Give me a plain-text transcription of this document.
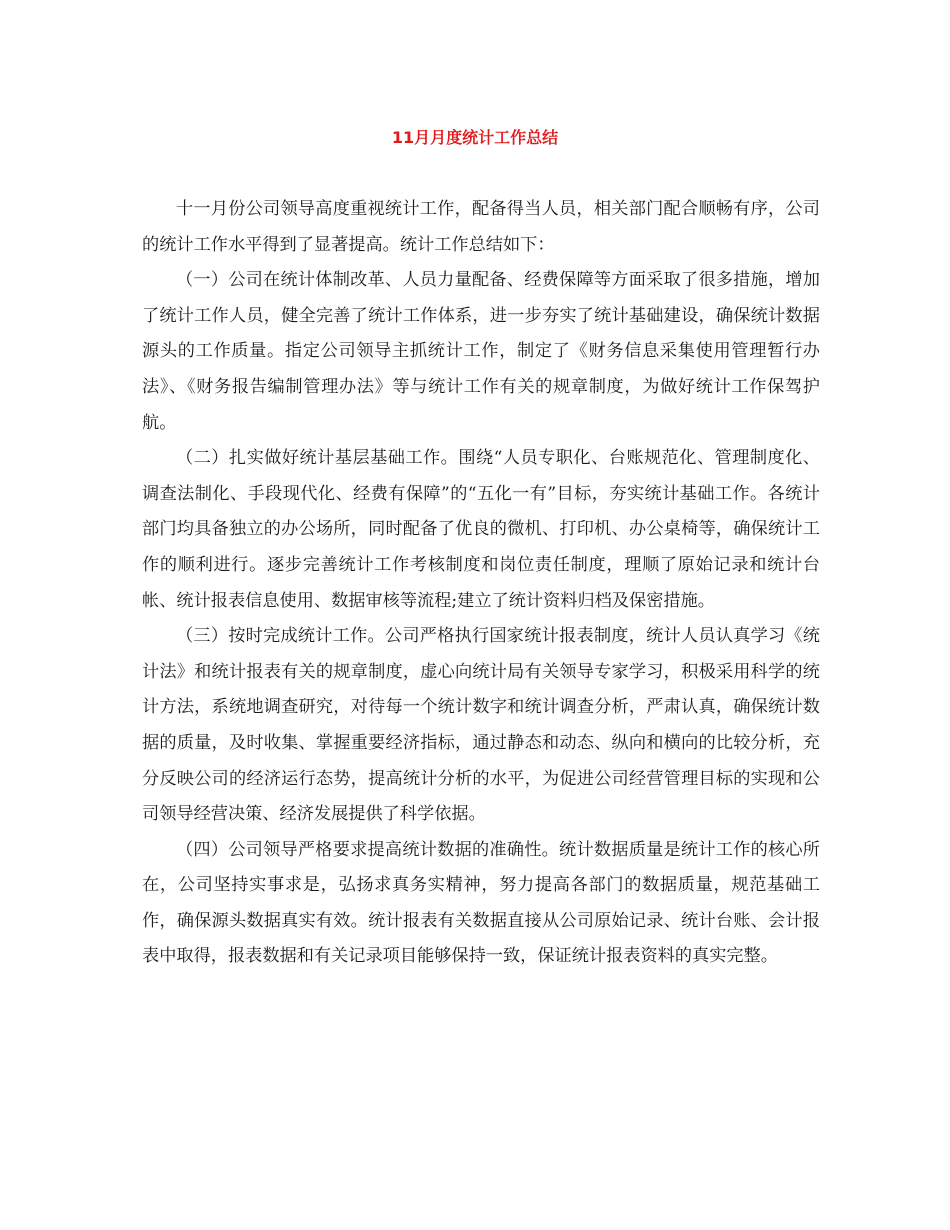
11月月度统计工作总结

十一月份公司领导高度重视统计工作，配备得当人员，相关部门配合顺畅有序，公司的统计工作水平得到了显著提高。统计工作总结如下：

（一）公司在统计体制改革、人员力量配备、经费保障等方面采取了很多措施，增加了统计工作人员，健全完善了统计工作体系，进一步夯实了统计基础建设，确保统计数据源头的工作质量。指定公司领导主抓统计工作，制定了《财务信息采集使用管理暂行办法》、《财务报告编制管理办法》等与统计工作有关的规章制度，为做好统计工作保驾护航。

（二）扎实做好统计基层基础工作。围绕“人员专职化、台账规范化、管理制度化、调查法制化、手段现代化、经费有保障”的“五化一有”目标，夯实统计基础工作。各统计部门均具备独立的办公场所，同时配备了优良的微机、打印机、办公桌椅等，确保统计工作的顺利进行。逐步完善统计工作考核制度和岗位责任制度，理顺了原始记录和统计台帐、统计报表信息使用、数据审核等流程;建立了统计资料归档及保密措施。

（三）按时完成统计工作。公司严格执行国家统计报表制度，统计人员认真学习《统计法》和统计报表有关的规章制度，虚心向统计局有关领导专家学习，积极采用科学的统计方法，系统地调查研究，对待每一个统计数字和统计调查分析，严肃认真，确保统计数据的质量，及时收集、掌握重要经济指标，通过静态和动态、纵向和横向的比较分析，充分反映公司的经济运行态势，提高统计分析的水平，为促进公司经营管理目标的实现和公司领导经营决策、经济发展提供了科学依据。

（四）公司领导严格要求提高统计数据的准确性。统计数据质量是统计工作的核心所在，公司坚持实事求是，弘扬求真务实精神，努力提高各部门的数据质量，规范基础工作，确保源头数据真实有效。统计报表有关数据直接从公司原始记录、统计台账、会计报表中取得，报表数据和有关记录项目能够保持一致，保证统计报表资料的真实完整。
